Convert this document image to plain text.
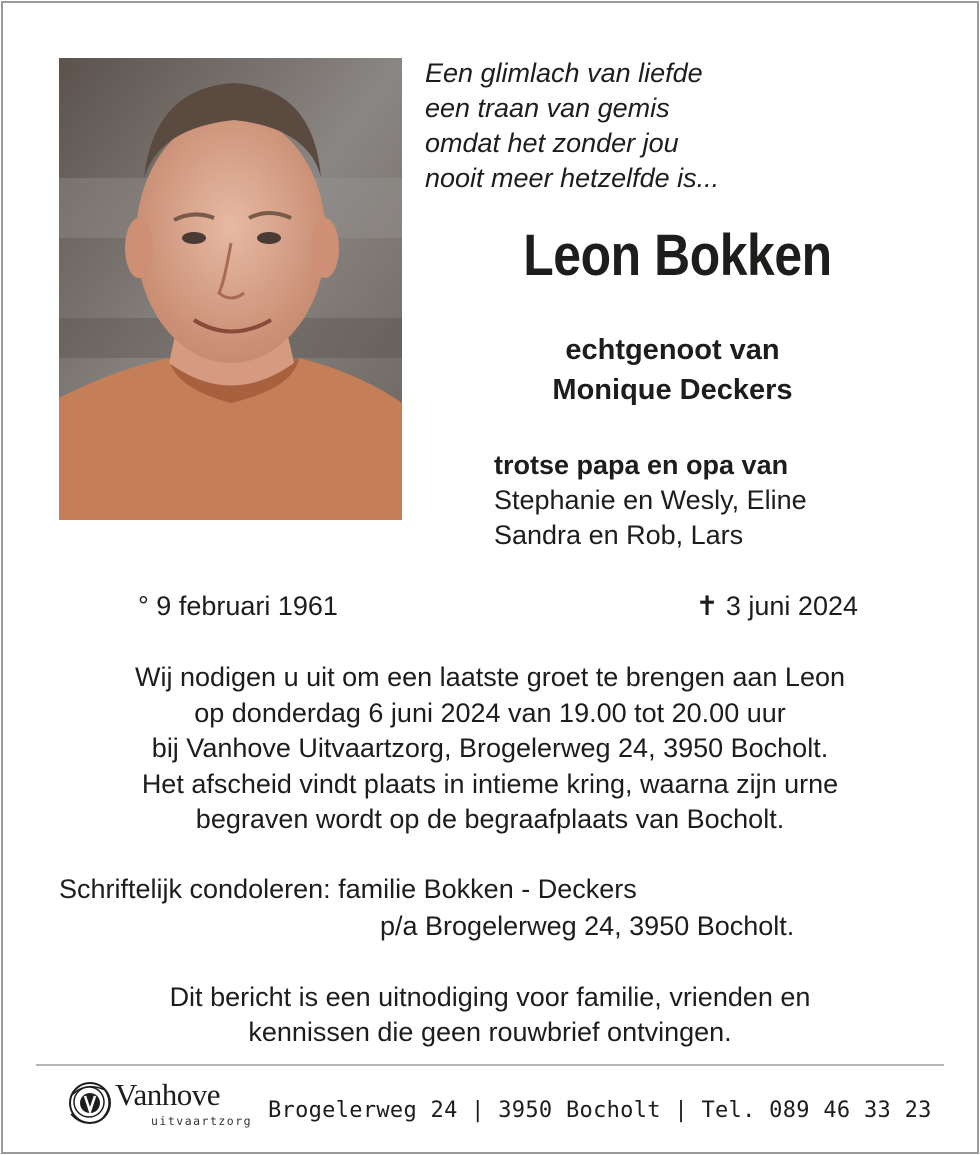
Een glimlach van liefde
een traan van gemis
omdat het zonder jou
nooit meer hetzelfde is...
Leon Bokken
echtgenoot van
Monique Deckers
trotse papa en opa van
Stephanie en Wesly, Eline
Sandra en Rob, Lars
° 9 februari 1961	✝ 3 juni 2024
Wij nodigen u uit om een laatste groet te brengen aan Leon
op donderdag 6 juni 2024 van 19.00 tot 20.00 uur
bij Vanhove Uitvaartzorg, Brogelerweg 24, 3950 Bocholt.
Het afscheid vindt plaats in intieme kring, waarna zijn urne
begraven wordt op de begraafplaats van Bocholt.
Schriftelijk condoleren: familie Bokken - Deckers
p/a Brogelerweg 24, 3950 Bocholt.
Dit bericht is een uitnodiging voor familie, vrienden en
kennissen die geen rouwbrief ontvingen.
Vanhove
uitvaartzorg Brogelerweg 24 | 3950 Bocholt | Tel. 089 46 33 23
